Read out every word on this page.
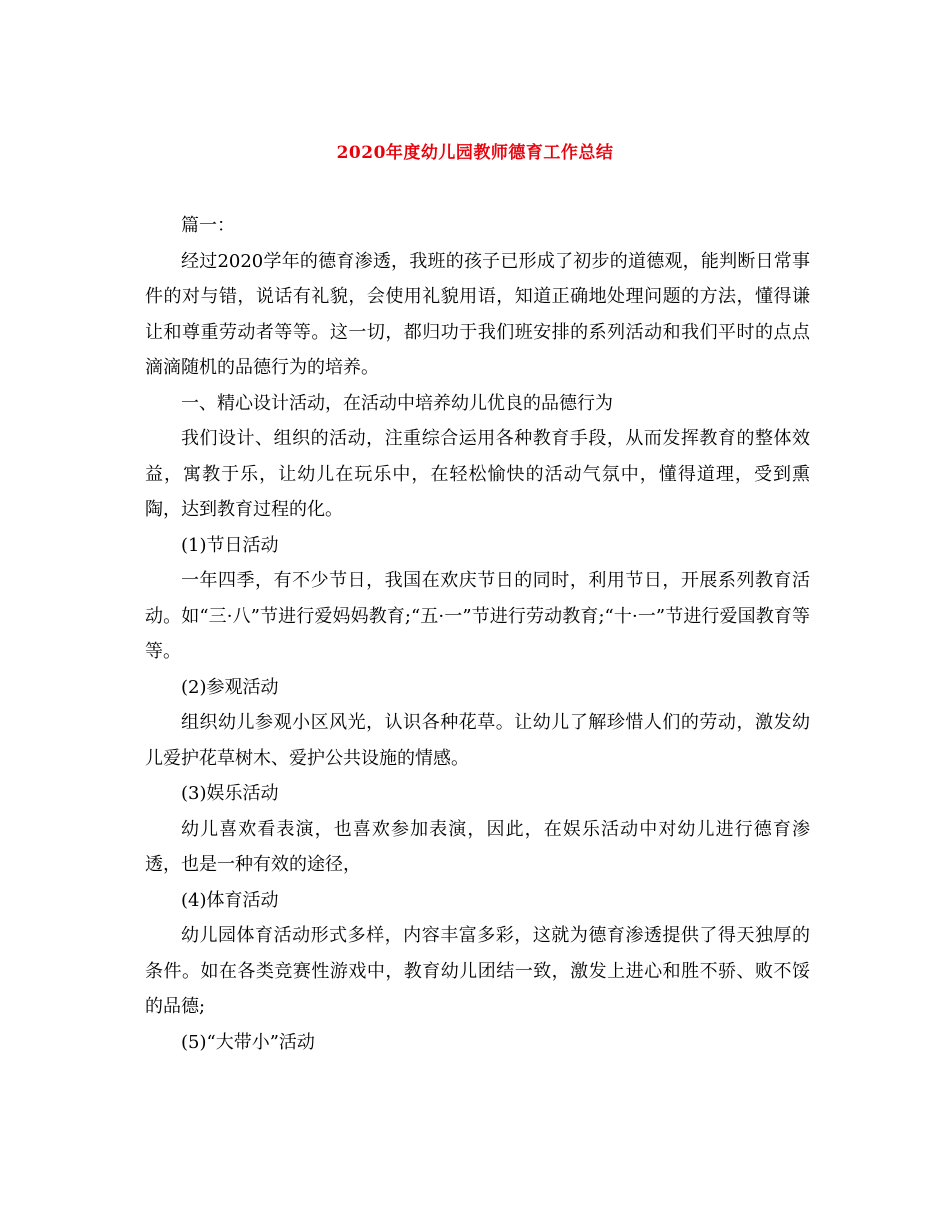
2020年度幼儿园教师德育工作总结

篇一：

经过2020学年的德育渗透，我班的孩子已形成了初步的道德观，能判断日常事件的对与错，说话有礼貌，会使用礼貌用语，知道正确地处理问题的方法，懂得谦让和尊重劳动者等等。这一切，都归功于我们班安排的系列活动和我们平时的点点滴滴随机的品德行为的培养。

一、精心设计活动，在活动中培养幼儿优良的品德行为

我们设计、组织的活动，注重综合运用各种教育手段，从而发挥教育的整体效益，寓教于乐，让幼儿在玩乐中，在轻松愉快的活动气氛中，懂得道理，受到熏陶，达到教育过程的化。

(1)节日活动

一年四季，有不少节日，我国在欢庆节日的同时，利用节日，开展系列教育活动。如“三·八”节进行爱妈妈教育;“五·一”节进行劳动教育;“十·一”节进行爱国教育等等。

(2)参观活动

组织幼儿参观小区风光，认识各种花草。让幼儿了解珍惜人们的劳动，激发幼儿爱护花草树木、爱护公共设施的情感。

(3)娱乐活动

幼儿喜欢看表演，也喜欢参加表演，因此，在娱乐活动中对幼儿进行德育渗透，也是一种有效的途径，

(4)体育活动

幼儿园体育活动形式多样，内容丰富多彩，这就为德育渗透提供了得天独厚的条件。如在各类竞赛性游戏中，教育幼儿团结一致，激发上进心和胜不骄、败不馁的品德;

(5)“大带小”活动
